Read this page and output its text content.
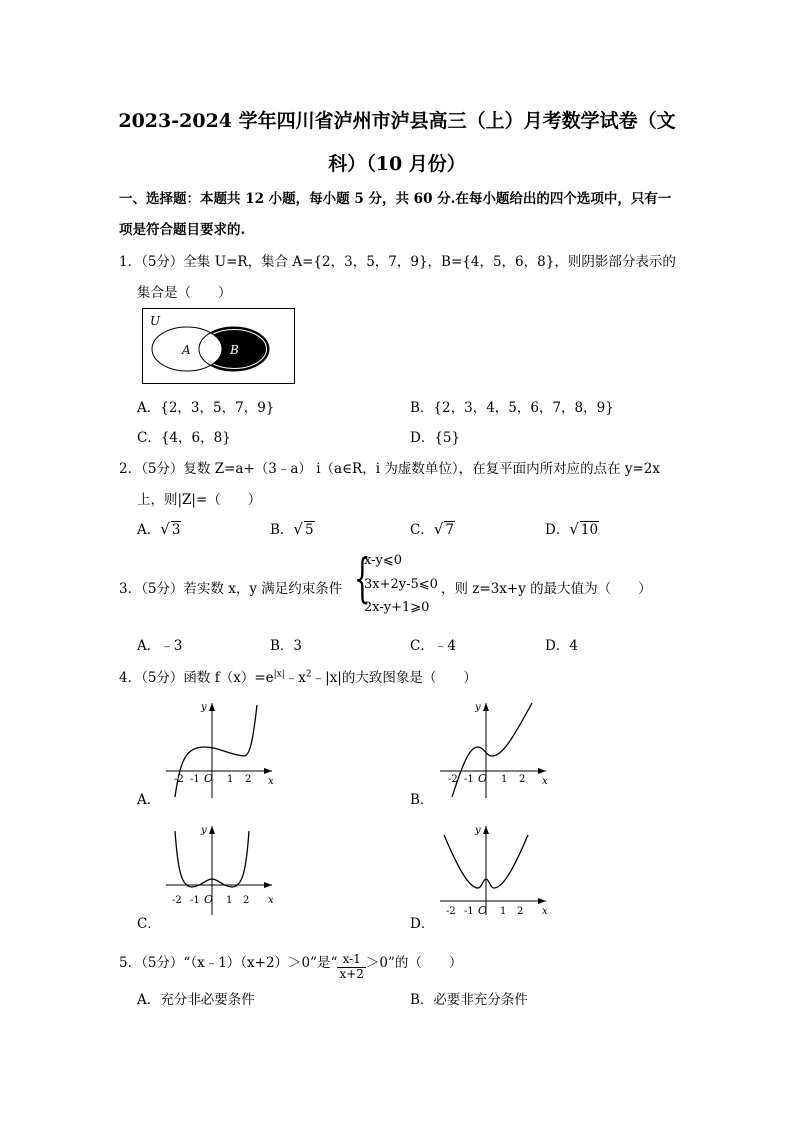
2023-2024 学年四川省泸州市泸县高三（上）月考数学试卷（文
科）（10 月份）
一、选择题：本题共 12 小题，每小题 5 分，共 60 分.在每小题给出的四个选项中，只有一
项是符合题目要求的.
1．（5分）全集 U=R，集合 A={2，3，5，7，9}，B={4，5，6，8}，则阴影部分表示的
集合是（　　）
U
A	B
A．{2，3，5，7，9}	B．{2，3，4，5，6，7，8，9}
C．{4，6，8}	D．{5}
2．（5分）复数 Z=a+（3﹣a） i（a∈R，i 为虚数单位），在复平面内所对应的点在 y=2x
上，则|Z|=（　　）
A．√ 3	B．√ 5	C．√ 7	D．√ 10
3．（5分）若实数 x，y 满足约束条件 {
x-y⩽0
3x+2y-5⩽0
2x-y+1⩾0
，则 z=3x+y 的最大值为（　　）
A．﹣3	B．3	C．﹣4	D．4
4．（5分）函数 $f(x)=e^{|x|}﹣x^2﹣|x|$的大致图象是（　　）
y
x
O
-2 -1	1 2
A．
y
x
O
-2 -1	1 2
B．
y
x
O
-2 -1	1 2
C．
y
x
O
-2 -1	1 2
D．
5．（5分）“（x﹣1）（x+2）＞0”是“ $\frac{x-1}{x+2} >0$”的（　　）
A．充分非必要条件	B．必要非充分条件
